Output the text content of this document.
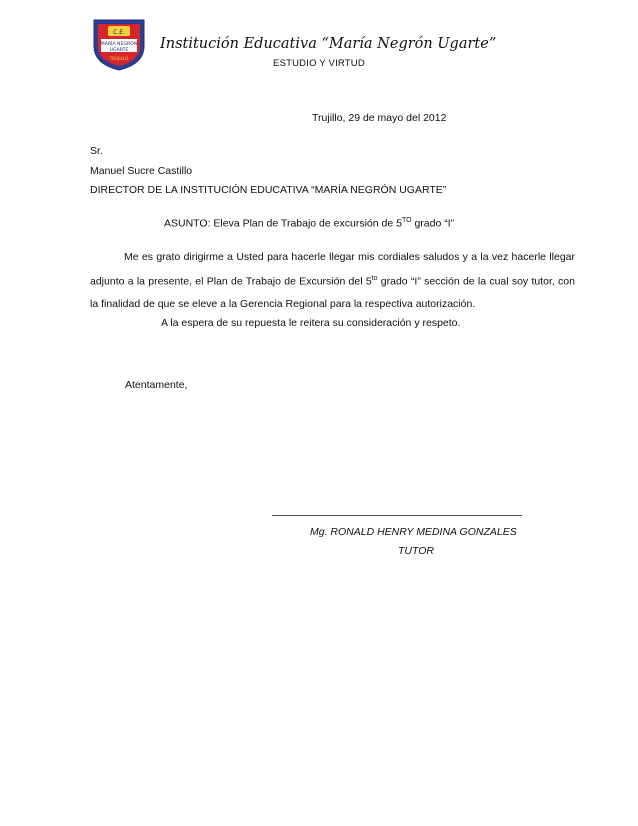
C.E.
MARÍA NEGRÓN
UGARTE
TRUJILLO
Institución Educativa “María Negrón Ugarte”
ESTUDIO Y VIRTUD
Trujillo, 29 de mayo del 2012
Sr.
Manuel Sucre Castillo
DIRECTOR DE LA INSTITUCIÓN EDUCATIVA “MARÍA NEGRÓN UGARTE”
ASUNTO: Eleva Plan de Trabajo de excursión de $5^{TO}$ grado “I”
Me es grato dirigirme a Usted para hacerle llegar mis cordiales saludos y a la vez hacerle llegar adjunto a la presente, el Plan de Trabajo de Excursión del $5^{to}$ grado “I” sección de la cual soy tutor, con la finalidad de que se eleve a la Gerencia Regional para la respectiva autorización.
A la espera de su repuesta le reitera su consideración y respeto.
Atentamente,
Mg. RONALD HENRY MEDINA GONZALES
TUTOR
